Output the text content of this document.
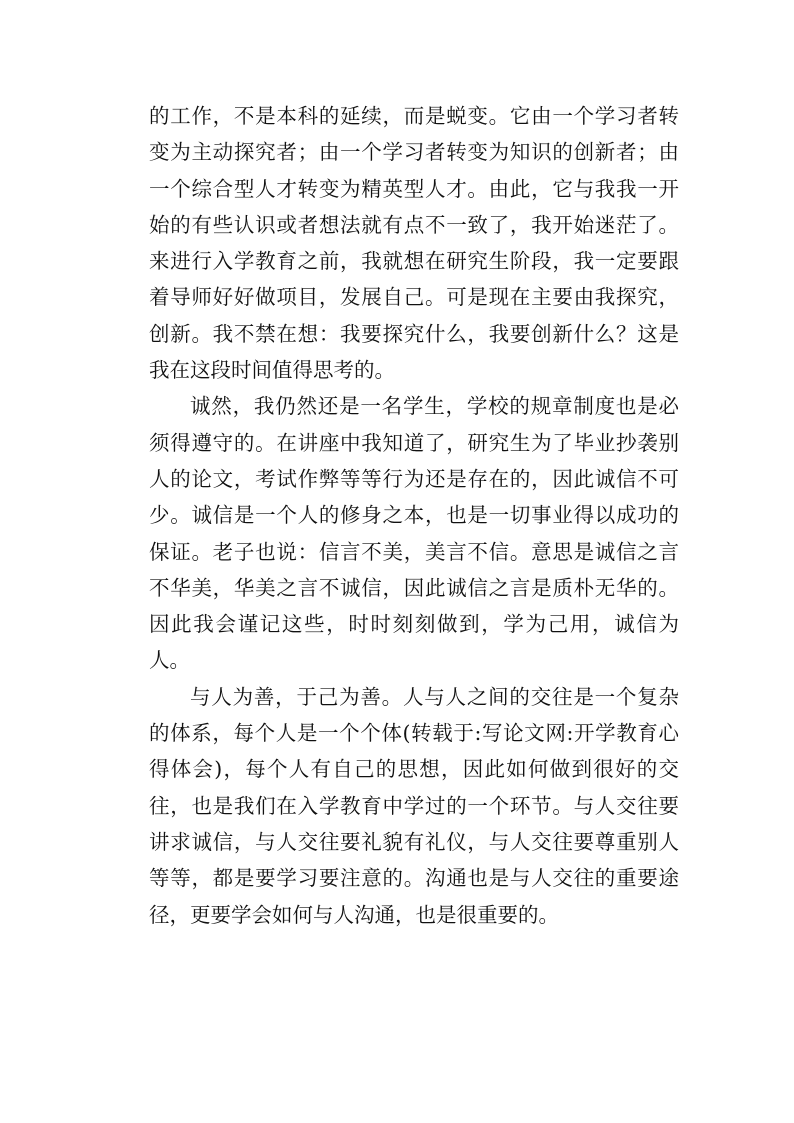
的工作，不是本科的延续，而是蜕变。它由一个学习者转变为主动探究者；由一个学习者转变为知识的创新者；由一个综合型人才转变为精英型人才。由此，它与我我一开始的有些认识或者想法就有点不一致了，我开始迷茫了。来进行入学教育之前，我就想在研究生阶段，我一定要跟着导师好好做项目，发展自己。可是现在主要由我探究，创新。我不禁在想：我要探究什么，我要创新什么？这是我在这段时间值得思考的。

诚然，我仍然还是一名学生，学校的规章制度也是必须得遵守的。在讲座中我知道了，研究生为了毕业抄袭别人的论文，考试作弊等等行为还是存在的，因此诚信不可少。诚信是一个人的修身之本，也是一切事业得以成功的保证。老子也说：信言不美，美言不信。意思是诚信之言不华美，华美之言不诚信，因此诚信之言是质朴无华的。因此我会谨记这些，时时刻刻做到，学为己用，诚信为人。

与人为善，于己为善。人与人之间的交往是一个复杂的体系，每个人是一个个体(转载于:写论文网:开学教育心得体会)，每个人有自己的思想，因此如何做到很好的交往，也是我们在入学教育中学过的一个环节。与人交往要讲求诚信，与人交往要礼貌有礼仪，与人交往要尊重别人等等，都是要学习要注意的。沟通也是与人交往的重要途径，更要学会如何与人沟通，也是很重要的。
